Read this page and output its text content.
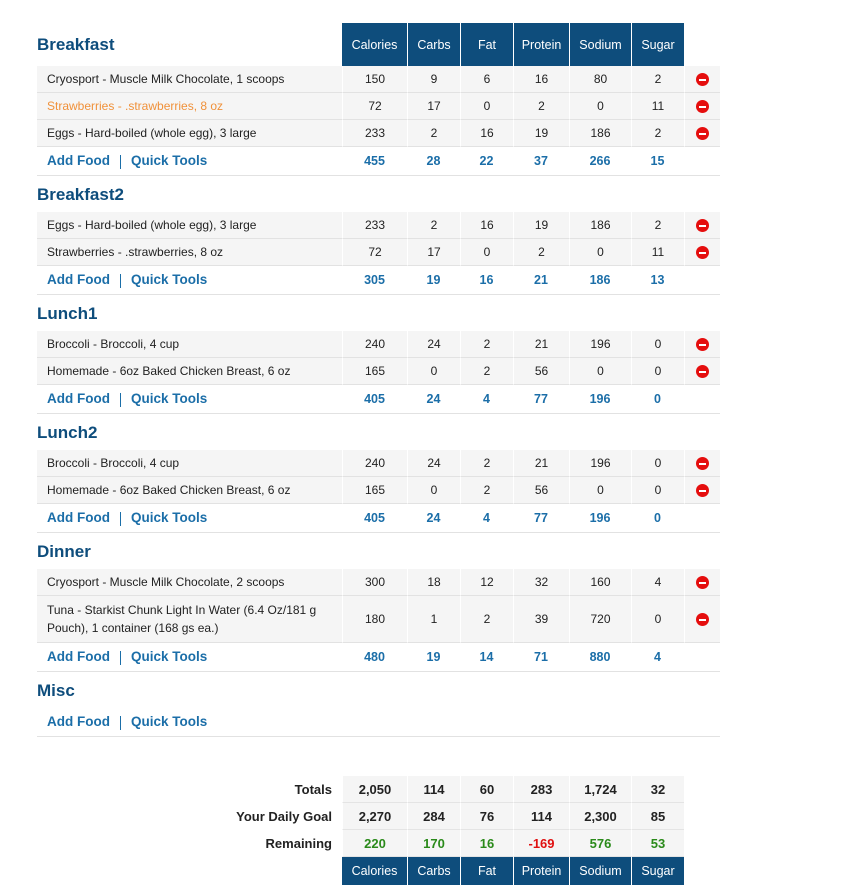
Breakfast	Calories	Carbs	Fat	Protein	Sodium	Sugar	
Cryosport - Muscle Milk Chocolate, 1 scoops	150	9	6	16	80	2	
Strawberries - .strawberries, 8 oz	72	17	0	2	0	11	
Eggs - Hard-boiled (whole egg), 3 large	233	2	16	19	186	2	
Add Food Quick Tools	455	28	22	37	266	15	
Breakfast2							
Eggs - Hard-boiled (whole egg), 3 large	233	2	16	19	186	2	
Strawberries - .strawberries, 8 oz	72	17	0	2	0	11	
Add Food Quick Tools	305	19	16	21	186	13	
Lunch1							
Broccoli - Broccoli, 4 cup	240	24	2	21	196	0	
Homemade - 6oz Baked Chicken Breast, 6 oz	165	0	2	56	0	0	
Add Food Quick Tools	405	24	4	77	196	0	
Lunch2							
Broccoli - Broccoli, 4 cup	240	24	2	21	196	0	
Homemade - 6oz Baked Chicken Breast, 6 oz	165	0	2	56	0	0	
Add Food Quick Tools	405	24	4	77	196	0	
Dinner							
Cryosport - Muscle Milk Chocolate, 2 scoops	300	18	12	32	160	4	
Tuna - Starkist Chunk Light In Water (6.4 Oz/181 g Pouch), 1 container (168 gs ea.)	180	1	2	39	720	0	
Add Food Quick Tools	480	19	14	71	880	4	
Misc							
Add Food Quick Tools							
Totals	2,050	114	60	283	1,724	32
Your Daily Goal	2,270	284	76	114	2,300	85
Remaining	220	170	16	-169	576	53
	Calories	Carbs	Fat	Protein	Sodium	Sugar
